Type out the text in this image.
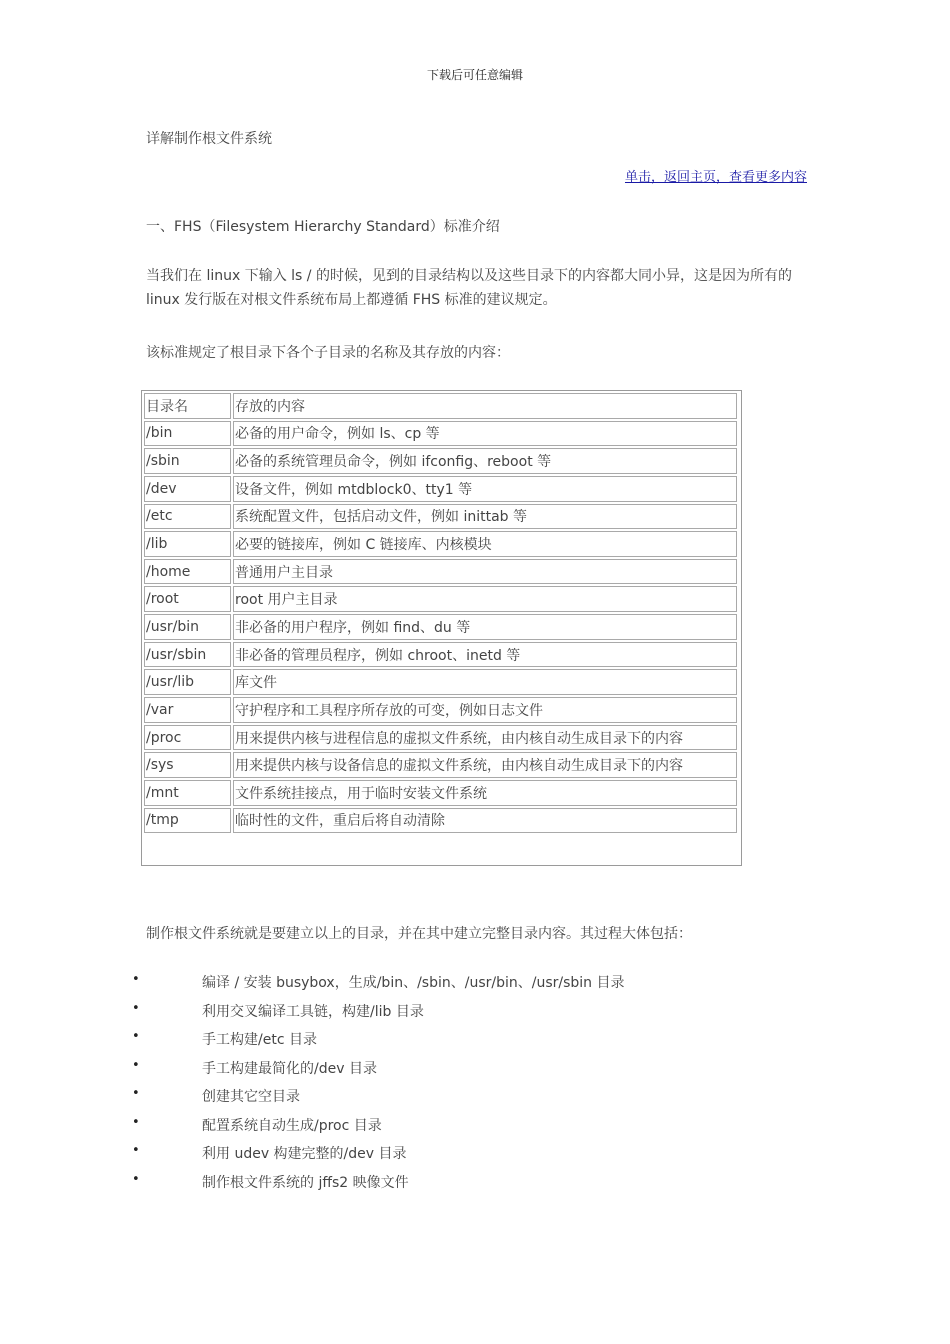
下载后可任意编辑
详解制作根文件系统
单击，返回主页，查看更多内容
一、FHS（Filesystem Hierarchy Standard）标准介绍
当我们在 linux 下输入 ls / 的时候，见到的目录结构以及这些目录下的内容都大同小异，这是因为所有的 linux 发行版在对根文件系统布局上都遵循 FHS 标准的建议规定。
该标准规定了根目录下各个子目录的名称及其存放的内容：
目录名	存放的内容
/bin	必备的用户命令，例如 ls、cp 等
/sbin	必备的系统管理员命令，例如 ifconfig、reboot 等
/dev	设备文件，例如 mtdblock0、tty1 等
/etc	系统配置文件，包括启动文件，例如 inittab 等
/lib	必要的链接库，例如 C 链接库、内核模块
/home	普通用户主目录
/root	root 用户主目录
/usr/bin	非必备的用户程序，例如 find、du 等
/usr/sbin	非必备的管理员程序，例如 chroot、inetd 等
/usr/lib	库文件
/var	守护程序和工具程序所存放的可变，例如日志文件
/proc	用来提供内核与进程信息的虚拟文件系统，由内核自动生成目录下的内容
/sys	用来提供内核与设备信息的虚拟文件系统，由内核自动生成目录下的内容
/mnt	文件系统挂接点，用于临时安装文件系统
/tmp	临时性的文件，重启后将自动清除
制作根文件系统就是要建立以上的目录，并在其中建立完整目录内容。其过程大体包括：
•	编译 / 安装 busybox，生成/bin、/sbin、/usr/bin、/usr/sbin 目录
•	利用交叉编译工具链，构建/lib 目录
•	手工构建/etc 目录
•	手工构建最简化的/dev 目录
•	创建其它空目录
•	配置系统自动生成/proc 目录
•	利用 udev 构建完整的/dev 目录
•	制作根文件系统的 jffs2 映像文件
